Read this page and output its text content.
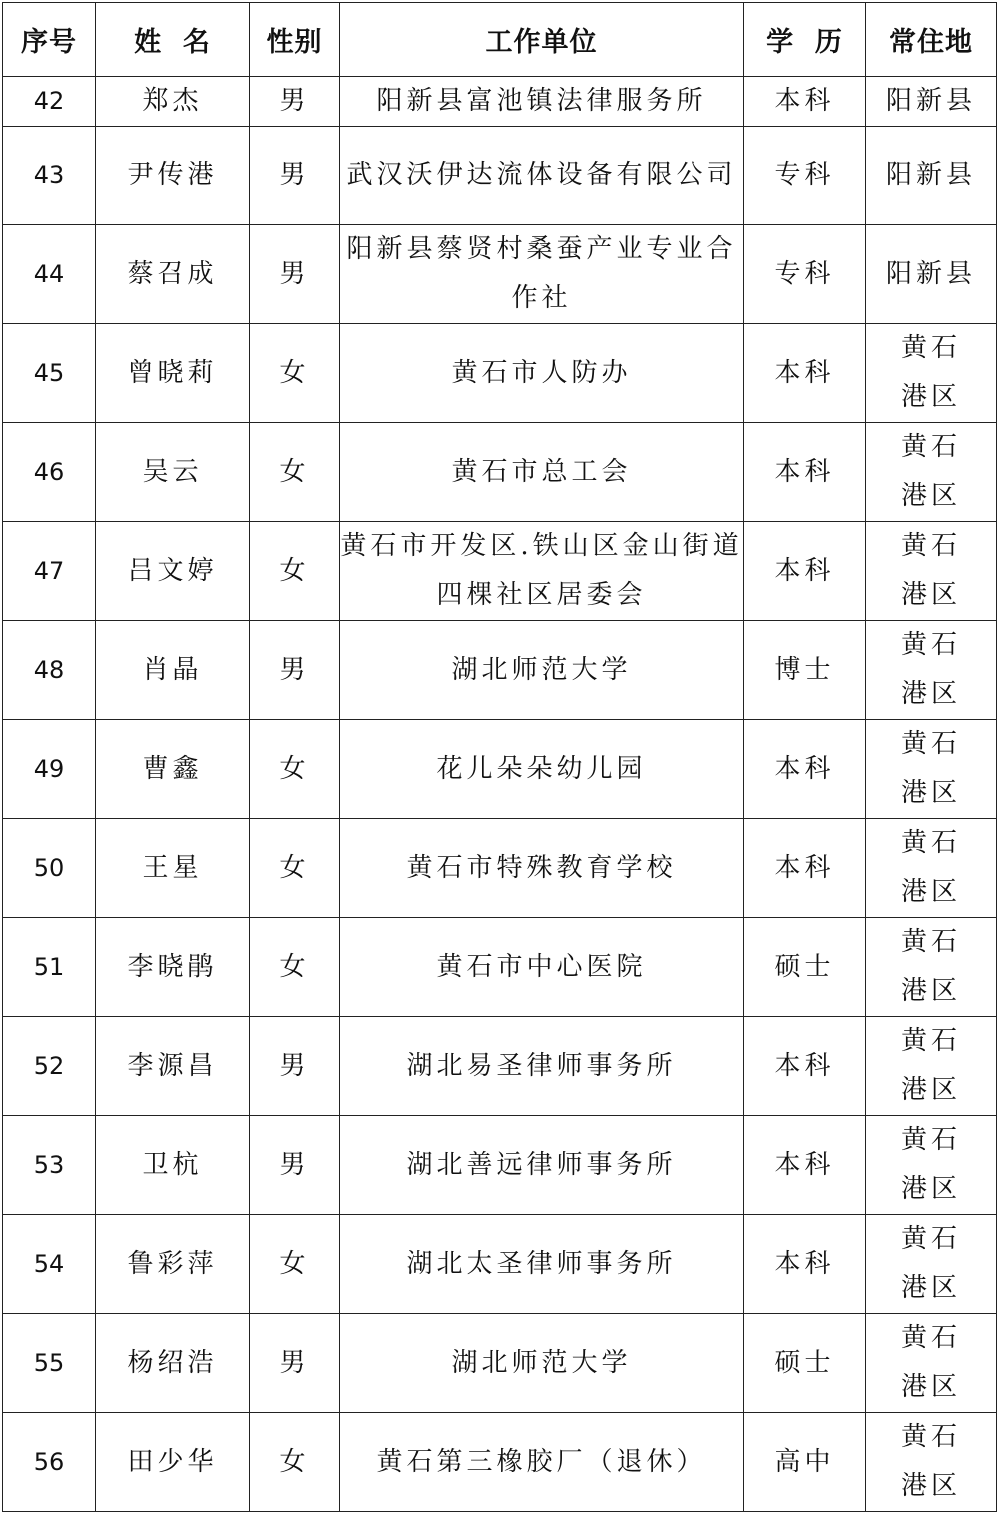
序号	姓  名	性别	工作单位	学  历	常住地
42	郑杰	男	阳新县富池镇法律服务所	本科	阳新县
43	尹传港	男	武汉沃伊达流体设备有限公司	专科	阳新县
44	蔡召成	男	阳新县蔡贤村桑蚕产业专业合作社	专科	阳新县
45	曾晓莉	女	黄石市人防办	本科	黄石港区

46	吴云	女	黄石市总工会	本科	黄石港区

47	吕文婷	女	黄石市开发区.铁山区金山街道四棵社区居委会	本科	黄石港区

48	肖晶	男	湖北师范大学	博士	黄石港区

49	曹鑫	女	花儿朵朵幼儿园	本科	黄石港区

50	王星	女	黄石市特殊教育学校	本科	黄石港区

51	李晓鹃	女	黄石市中心医院	硕士	黄石港区

52	李源昌	男	湖北易圣律师事务所	本科	黄石港区

53	卫杭	男	湖北善远律师事务所	本科	黄石港区

54	鲁彩萍	女	湖北太圣律师事务所	本科	黄石港区

55	杨绍浩	男	湖北师范大学	硕士	黄石港区

56	田少华	女	黄石第三橡胶厂（退休）	高中	黄石港区
